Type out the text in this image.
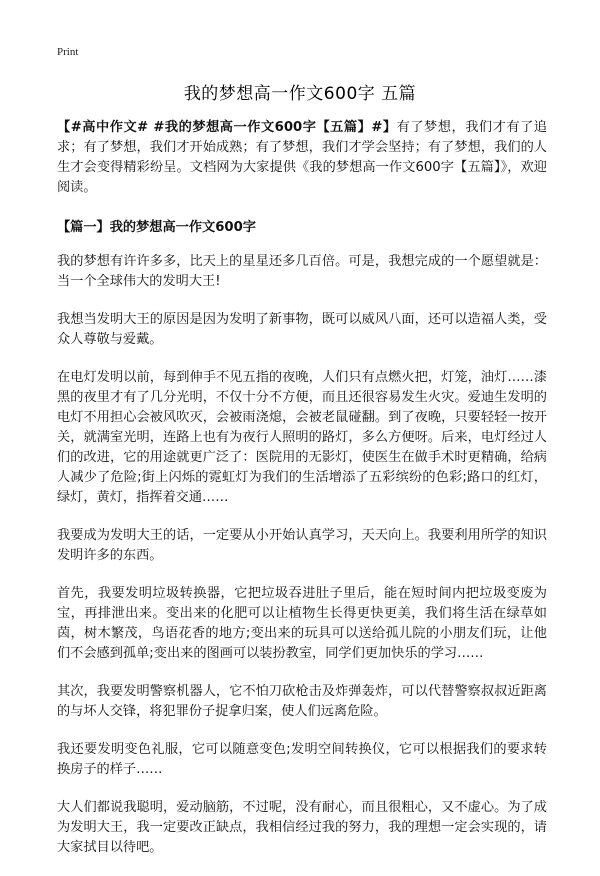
Print
我的梦想高一作文600字 五篇

【#高中作文# #我的梦想高一作文600字【五篇】#】有了梦想，我们才有了追求；有了梦想，我们才开始成熟；有了梦想，我们才学会坚持；有了梦想，我们的人生才会变得精彩纷呈。文档网为大家提供《我的梦想高一作文600字【五篇】》，欢迎阅读。

【篇一】我的梦想高一作文600字

我的梦想有许许多多，比天上的星星还多几百倍。可是，我想完成的一个愿望就是：当一个全球伟大的发明大王!

我想当发明大王的原因是因为发明了新事物，既可以威风八面，还可以造福人类，受众人尊敬与爱戴。

在电灯发明以前，每到伸手不见五指的夜晚，人们只有点燃火把，灯笼，油灯……漆黑的夜里才有了几分光明，不仅十分不方便，而且还很容易发生火灾。爱迪生发明的电灯不用担心会被风吹灭，会被雨浇熄，会被老鼠碰翻。到了夜晚，只要轻轻一按开关，就满室光明，连路上也有为夜行人照明的路灯，多么方便呀。后来，电灯经过人们的改进，它的用途就更广泛了：医院用的无影灯，使医生在做手术时更精确，给病人减少了危险;街上闪烁的霓虹灯为我们的生活增添了五彩缤纷的色彩;路口的红灯，绿灯，黄灯，指挥着交通……

我要成为发明大王的话，一定要从小开始认真学习，天天向上。我要利用所学的知识发明许多的东西。

首先，我要发明垃圾转换器，它把垃圾吞进肚子里后，能在短时间内把垃圾变废为宝，再排泄出来。变出来的化肥可以让植物生长得更快更美，我们将生活在绿草如茵，树木繁茂，鸟语花香的地方;变出来的玩具可以送给孤儿院的小朋友们玩，让他们不会感到孤单;变出来的图画可以装扮教室，同学们更加快乐的学习……

其次，我要发明警察机器人，它不怕刀砍枪击及炸弹轰炸，可以代替警察叔叔近距离的与坏人交锋，将犯罪份子捉拿归案，使人们远离危险。

我还要发明变色礼服，它可以随意变色;发明空间转换仪，它可以根据我们的要求转换房子的样子……

大人们都说我聪明，爱动脑筋，不过呢，没有耐心，而且很粗心，又不虚心。为了成为发明大王，我一定要改正缺点，我相信经过我的努力，我的理想一定会实现的，请大家拭目以待吧。
